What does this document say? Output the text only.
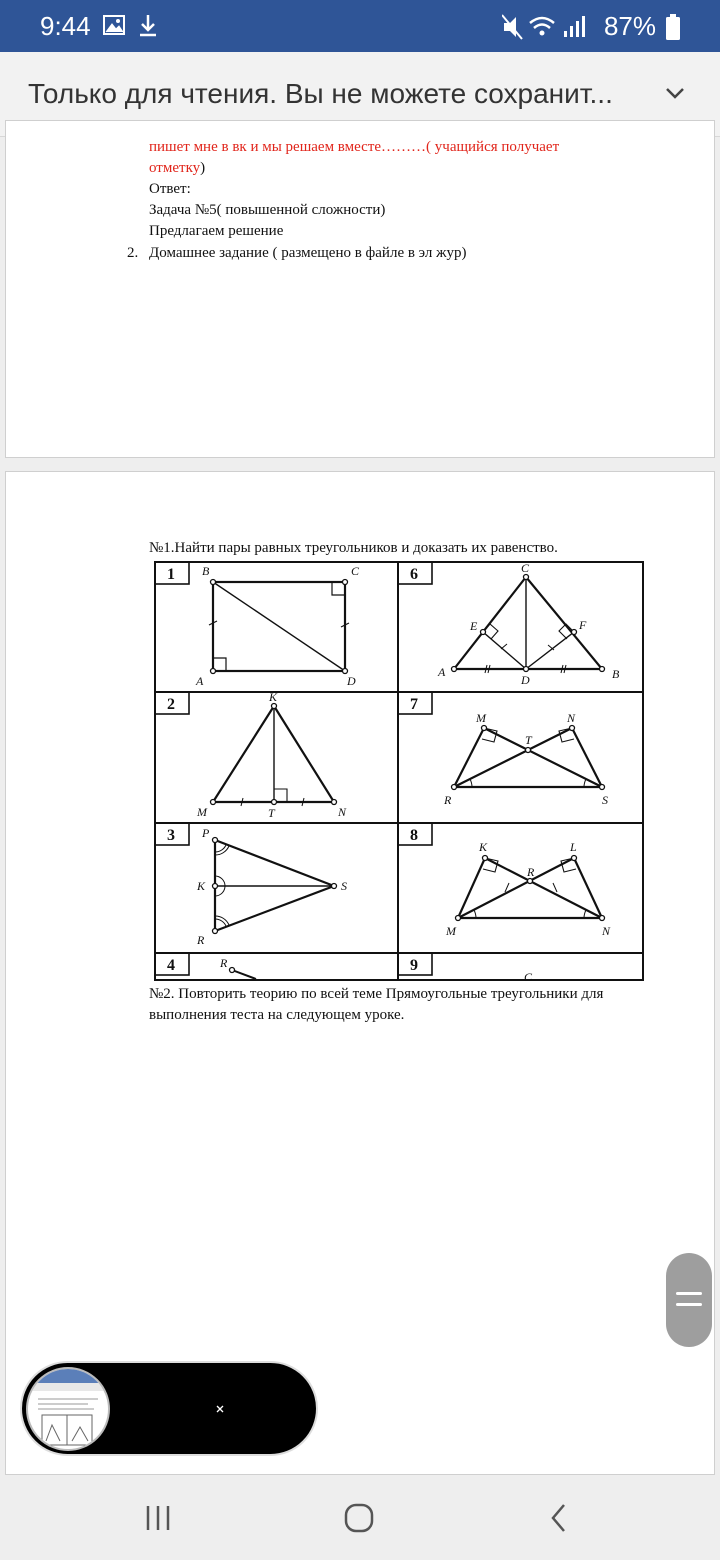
9:44	87%
Только для чтения. Вы не можете сохранит...
пишет мне в вк и мы решаем вместе………( учащийся получает
отметку)
Ответ:
Задача №5( повышенной сложности)
Предлагаем решение
2. Домашнее задание ( размещено в файле в эл жур)
№1.Найти пары равных треугольников и доказать их равенство.
1	6
2	7
3	8
4	9
B	C
A	D
C
E	F
A
D	B
K
M	T	N
M	N
T
R	S
P
K	S
R
K	L
R
M	N
R
C
№2. Повторить теорию по всей теме Прямоугольные треугольники для
выполнения теста на следующем уроке.
